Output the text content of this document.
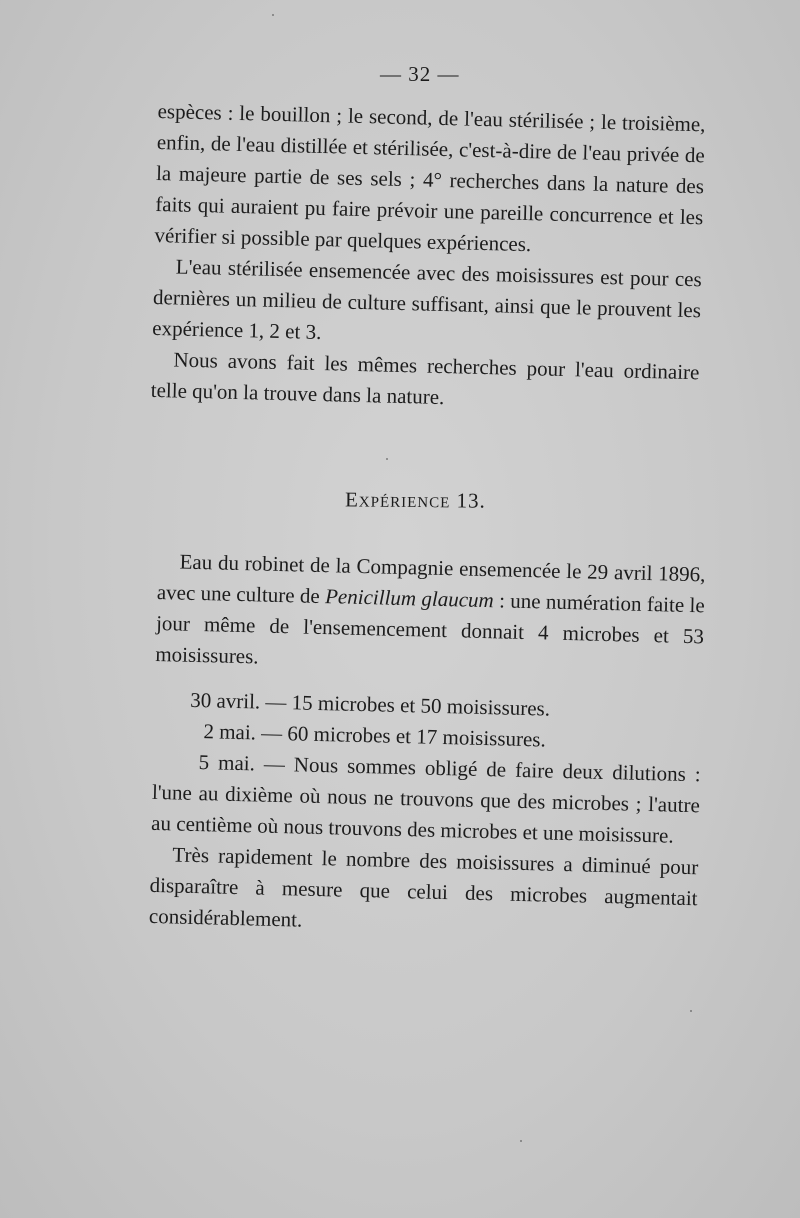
— 32 —

espèces : le bouillon ; le second, de l'eau stérilisée ; le troisième, enfin, de l'eau distillée et stérilisée, c'est-à-dire de l'eau privée de la majeure partie de ses sels ; 4° recherches dans la nature des faits qui auraient pu faire prévoir une pareille concurrence et les vérifier si possible par quelques expériences.

L'eau stérilisée ensemencée avec des moisissures est pour ces dernières un milieu de culture suffisant, ainsi que le prouvent les expérience 1, 2 et 3.

Nous avons fait les mêmes recherches pour l'eau ordinaire telle qu'on la trouve dans la nature.

Expérience 13.

Eau du robinet de la Compagnie ensemencée le 29 avril 1896, avec une culture de Penicillum glaucum : une numération faite le jour même de l'ensemencement donnait 4 microbes et 53 moisissures.

30 avril. — 15 microbes et 50 moisissures.

2 mai. — 60 microbes et 17 moisissures.

5 mai. — Nous sommes obligé de faire deux dilutions : l'une au dixième où nous ne trouvons que des microbes ; l'autre au centième où nous trouvons des microbes et une moisissure.

Très rapidement le nombre des moisissures a diminué pour disparaître à mesure que celui des microbes augmentait considérablement.
